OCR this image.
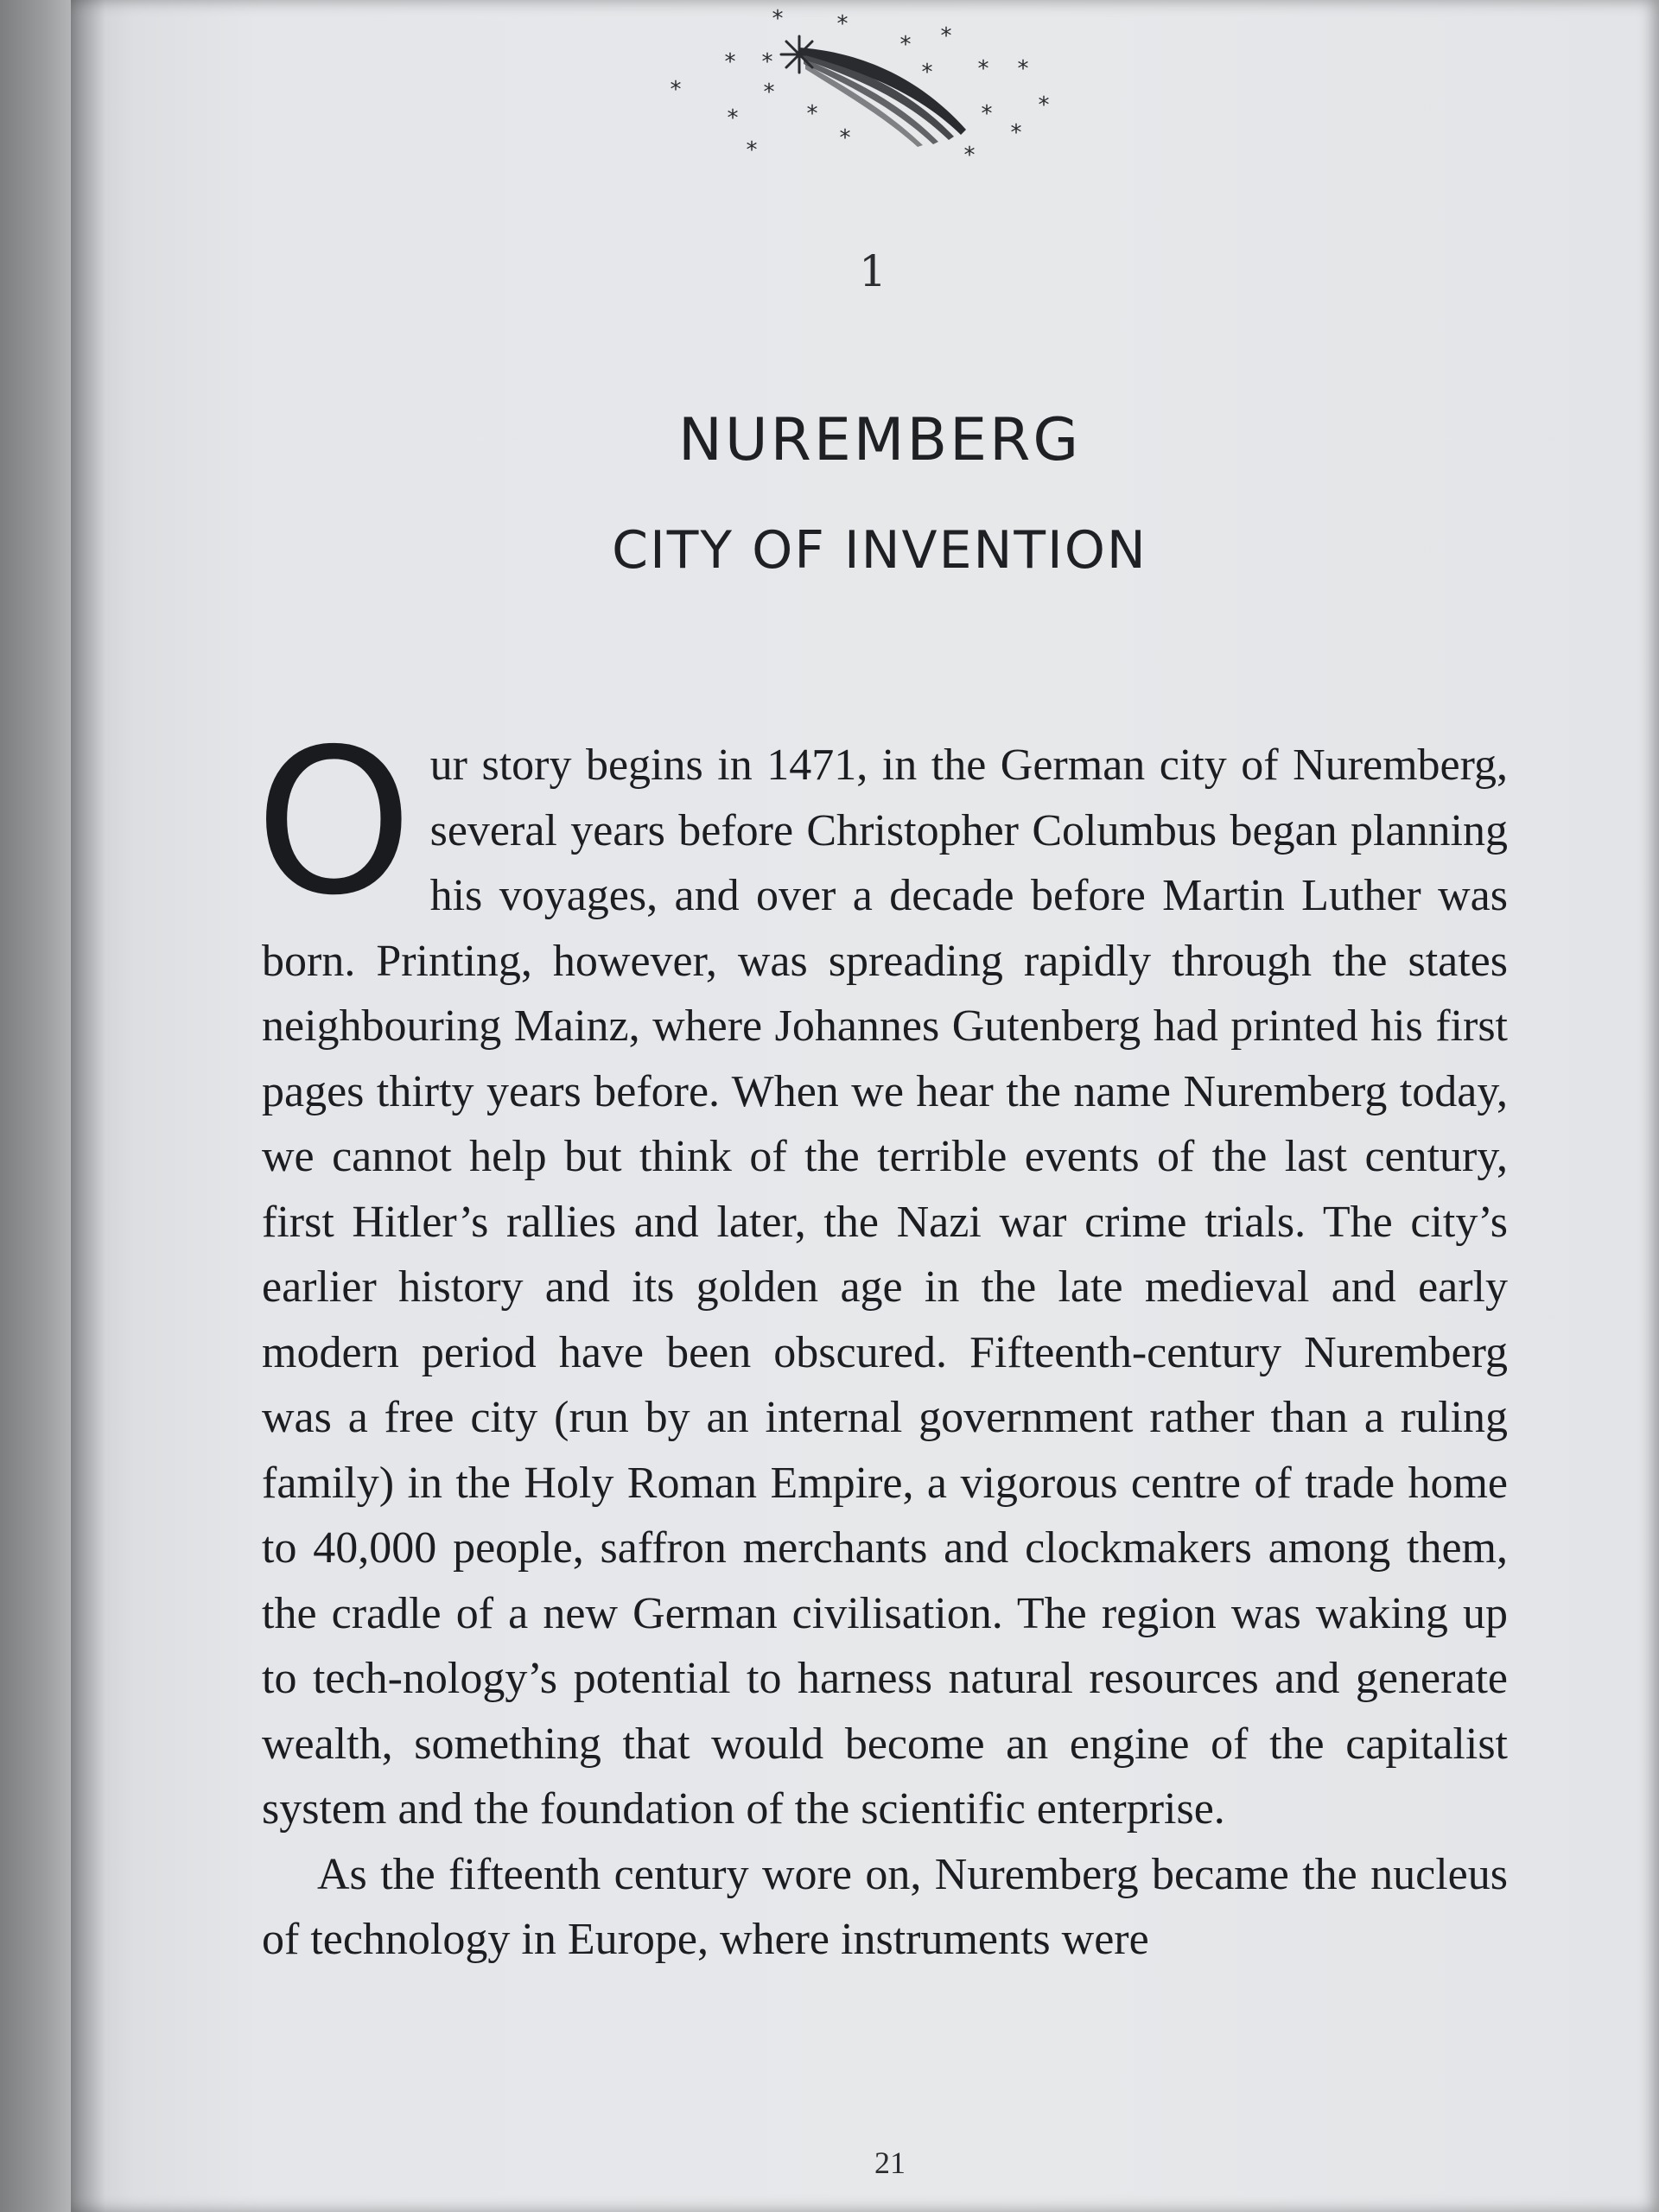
* *
* *
*
*
*
*
*
*
* *
* *
*
*
*
*
*
1
NUREMBERG
CITY OF INVENTION

Our story begins in 1471, in the German city of Nuremberg, several years before Christopher Columbus began planning his voyages, and over a decade before Martin Luther was born. Printing, however, was spreading rapidly through the states neighbouring Mainz, where Johannes Gutenberg had printed his first pages thirty years before. When we hear the name Nuremberg today, we cannot help but think of the terrible events of the last century, first Hitler’s rallies and later, the Nazi war crime trials. The city’s earlier history and its golden age in the late medieval and early modern period have been obscured. Fifteenth-century Nuremberg was a free city (run by an internal government rather than a ruling family) in the Holy Roman Empire, a vigorous centre of trade home to 40,000 people, saffron merchants and clockmakers among them, the cradle of a new German civilisation. The region was waking up to tech-nology’s potential to harness natural resources and generate wealth, something that would become an engine of the capitalist system and the foundation of the scientific enterprise.

As the fifteenth century wore on, Nuremberg became the nucleus of technology in Europe, where instruments were

21
